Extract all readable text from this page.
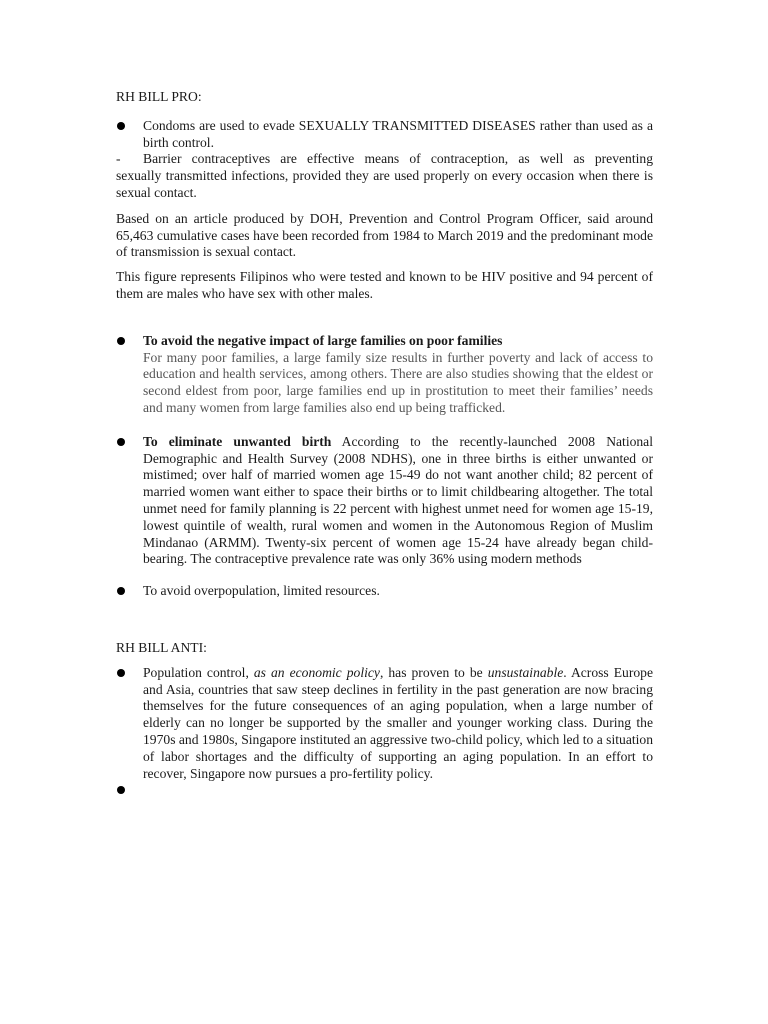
RH BILL PRO:

Condoms are used to evade SEXUALLY TRANSMITTED DISEASES rather than used as a birth control.
-	Barrier contraceptives are effective means of contraception, as well as preventing

sexually transmitted infections, provided they are used properly on every occasion when there is sexual contact.

Based on an article produced by DOH, Prevention and Control Program Officer, said around 65,463 cumulative cases have been recorded from 1984 to March 2019 and the predominant mode of transmission is sexual contact.

This figure represents Filipinos who were tested and known to be HIV positive and 94 percent of them are males who have sex with other males.

To avoid the negative impact of large families on poor families
For many poor families, a large family size results in further poverty and lack of access to education and health services, among others. There are also studies showing that the eldest or second eldest from poor, large families end up in prostitution to meet their families’ needs and many women from large families also end up being trafficked.
To eliminate unwanted birth According to the recently-launched 2008 National Demographic and Health Survey (2008 NDHS), one in three births is either unwanted or mistimed; over half of married women age 15-49 do not want another child; 82 percent of married women want either to space their births or to limit childbearing altogether. The total unmet need for family planning is 22 percent with highest unmet need for women age 15-19, lowest quintile of wealth, rural women and women in the Autonomous Region of Muslim Mindanao (ARMM). Twenty-six percent of women age 15-24 have already began child-bearing. The contraceptive prevalence rate was only 36% using modern methods
To avoid overpopulation, limited resources.

RH BILL ANTI:

Population control, as an economic policy, has proven to be unsustainable. Across Europe and Asia, countries that saw steep declines in fertility in the past generation are now bracing themselves for the future consequences of an aging population, when a large number of elderly can no longer be supported by the smaller and younger working class. During the 1970s and 1980s, Singapore instituted an aggressive two-child policy, which led to a situation of labor shortages and the difficulty of supporting an aging population. In an effort to recover, Singapore now pursues a pro-fertility policy.
